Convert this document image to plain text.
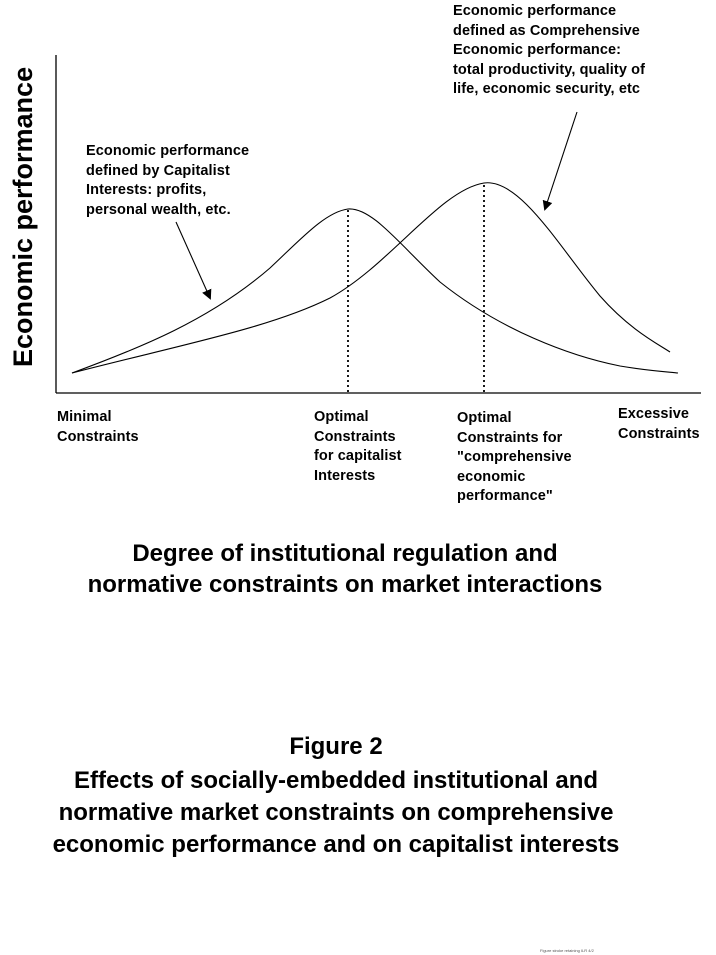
Economic performance
Economic performance
defined as Comprehensive
Economic performance:
total productivity, quality of
life, economic security, etc
Economic performance
defined by Capitalist
Interests: profits,
personal wealth, etc.
Minimal
Constraints
Optimal
Constraints
for capitalist
Interests
Optimal
Constraints for
"comprehensive
economic
performance"
Excessive
Constraints
Degree of institutional regulation and
normative constraints on market interactions
Figure 2
Effects of socially-embedded institutional and
normative market constraints on comprehensive
economic performance and on capitalist interests
Figure stroke retaining ILR 4/2
